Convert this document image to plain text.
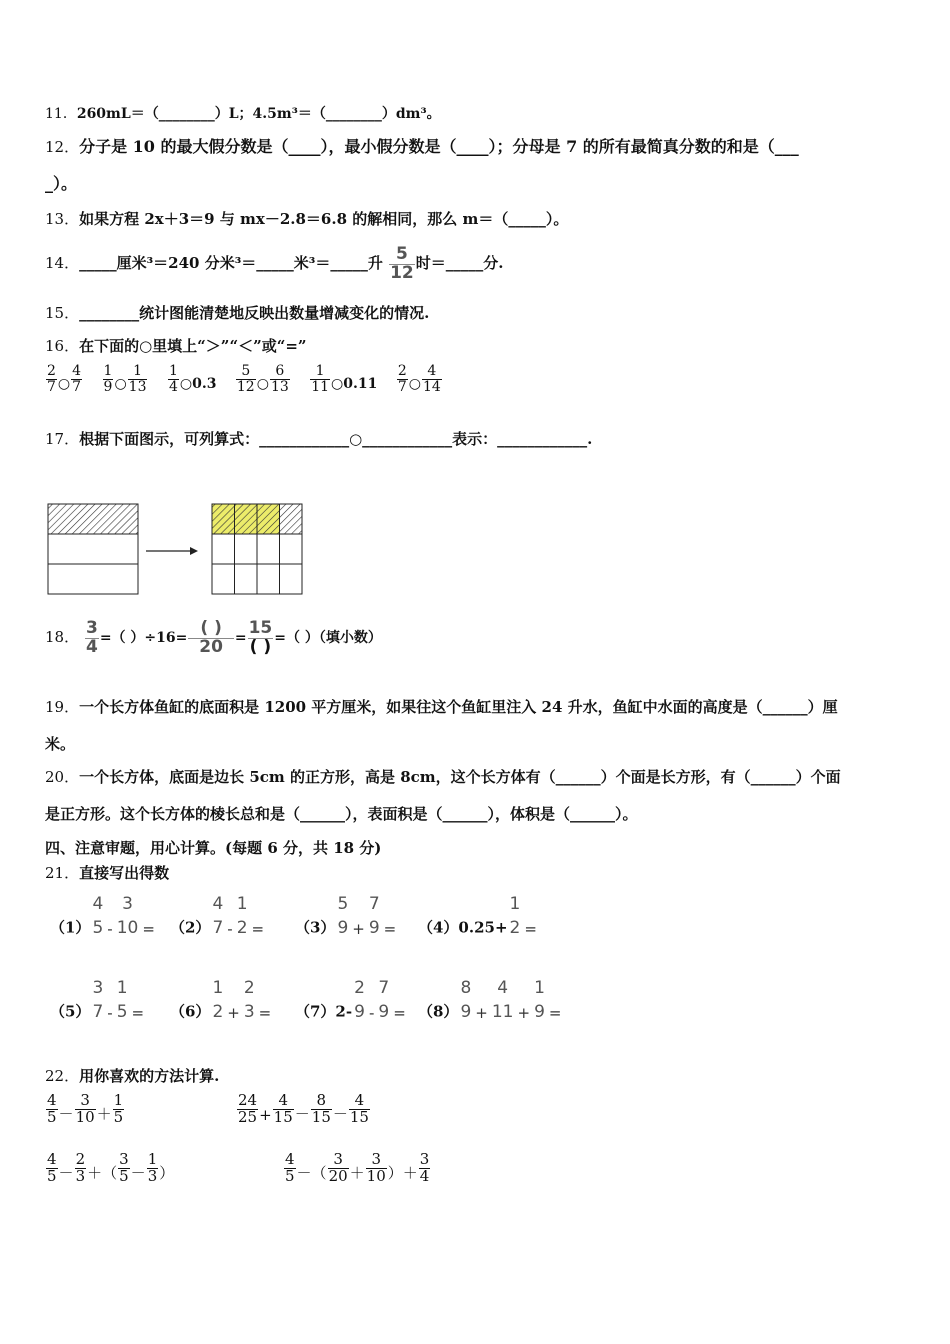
11．260mL＝（________）L；4.5m³＝（________）dm³。
12．分子是 10 的最大假分数是（____），最小假分数是（____）；分母是 7 的所有最简真分数的和是（___
_）。
13．如果方程 2x＋3＝9 与 mx－2.8＝6.8 的解相同，那么 m＝（_____）。
14．_____厘米³＝240 分米³＝_____米³＝_____升 $\frac{5}{12}$ 时＝_____分.
15．________统计图能清楚地反映出数量增减变化的情况.
16．在下面的○里填上“＞”“＜”或“=”
$\frac{2}{7}$ ○ $\frac{4}{7}$
$\frac{1}{9}$ ○ $\frac{1}{13}$
$\frac{1}{4}$ ○0.3 $\frac{5}{12}$ ○ $\frac{6}{13}$
$\frac{1}{11}$ ○0.11 $\frac{2}{7}$ ○ $\frac{4}{14}$
17．根据下面图示，可列算式：____________○____________表示：____________.
18． $\frac{3}{4}$ =（ ）÷16=
( )
20 =
15
( ) =（ ）（填小数）
19．一个长方体鱼缸的底面积是 1200 平方厘米，如果往这个鱼缸里注入 24 升水，鱼缸中水面的高度是（______）厘
米。
20．一个长方体，底面是边长 5cm 的正方形，高是 8cm，这个长方体有（______）个面是长方形，有（______）个面
是正方形。这个长方体的棱长总和是（______），表面积是（______），体积是（______）。
四、注意审题，用心计算。(每题 6 分，共 18 分)
21．直接写出得数
（1）
4
5 -
3
10 = （2）
4
7 -
1
2 = （3）
5
9 +
7
9 = （4）0.25+
1
2 =
（5）
3
7 -
1
5 = （6）
1
2 +
2
3 = （7）2-
2
9 -
7
9 = （8）
8
9 +
4
11 +
1
9 =
22．用你喜欢的方法计算.
$\frac{4}{5} - \frac{3}{10} + \frac{1}{5}$	$\frac{24}{25} + \frac{4}{15} - \frac{8}{15} - \frac{4}{15}$
$\frac{4}{5} - \frac{2}{3}$ ＋（ $\frac{3}{5} - \frac{1}{3}$ ）	$\frac{4}{5}$ －（ $\frac{3}{20} + \frac{3}{10}$ ）＋ $\frac{3}{4}$
